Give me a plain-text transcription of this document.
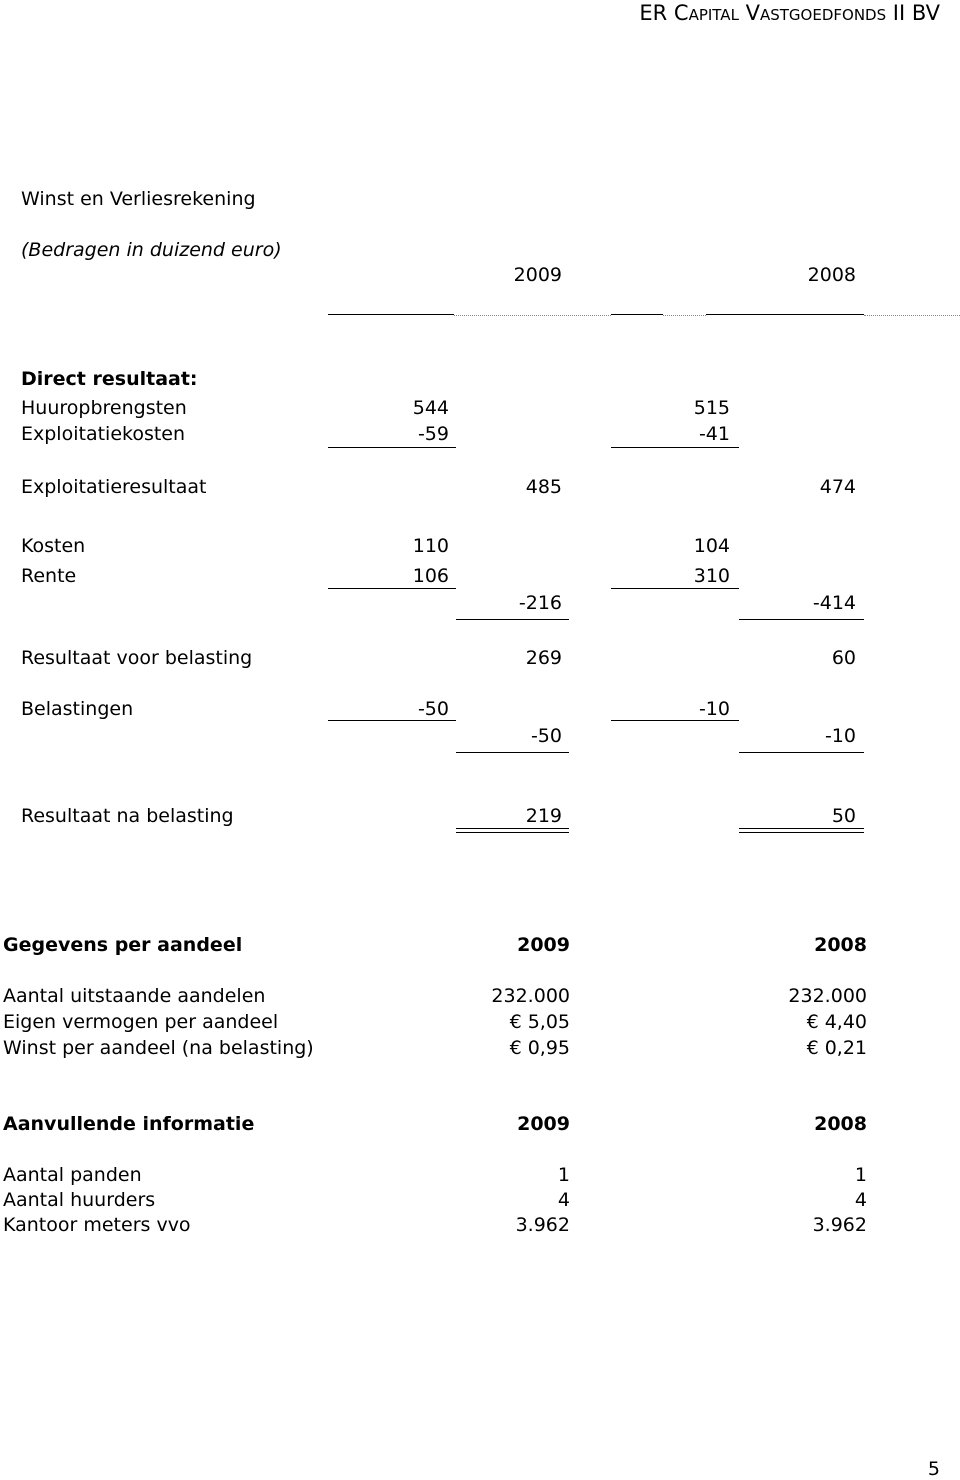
ER CAPITAL VASTGOEDFONDS II BV
Winst en Verliesrekening
(Bedragen in duizend euro)
2009	2008
Direct resultaat:
Huuropbrengsten	544	515
Exploitatiekosten	-59	-41
Exploitatieresultaat	485	474
Kosten	110	104
Rente	106	310
-216	-414
Resultaat voor belasting	269	60
Belastingen	-50	-10
-50	-10
Resultaat na belasting	219	50
Gegevens per aandeel	2009	2008
Aantal uitstaande aandelen	232.000	232.000
Eigen vermogen per aandeel	€ 5,05	€ 4,40
Winst per aandeel (na belasting)	€ 0,95	€ 0,21
Aanvullende informatie	2009	2008
Aantal panden	1	1
Aantal huurders	4	4
Kantoor meters vvo	3.962	3.962
5
